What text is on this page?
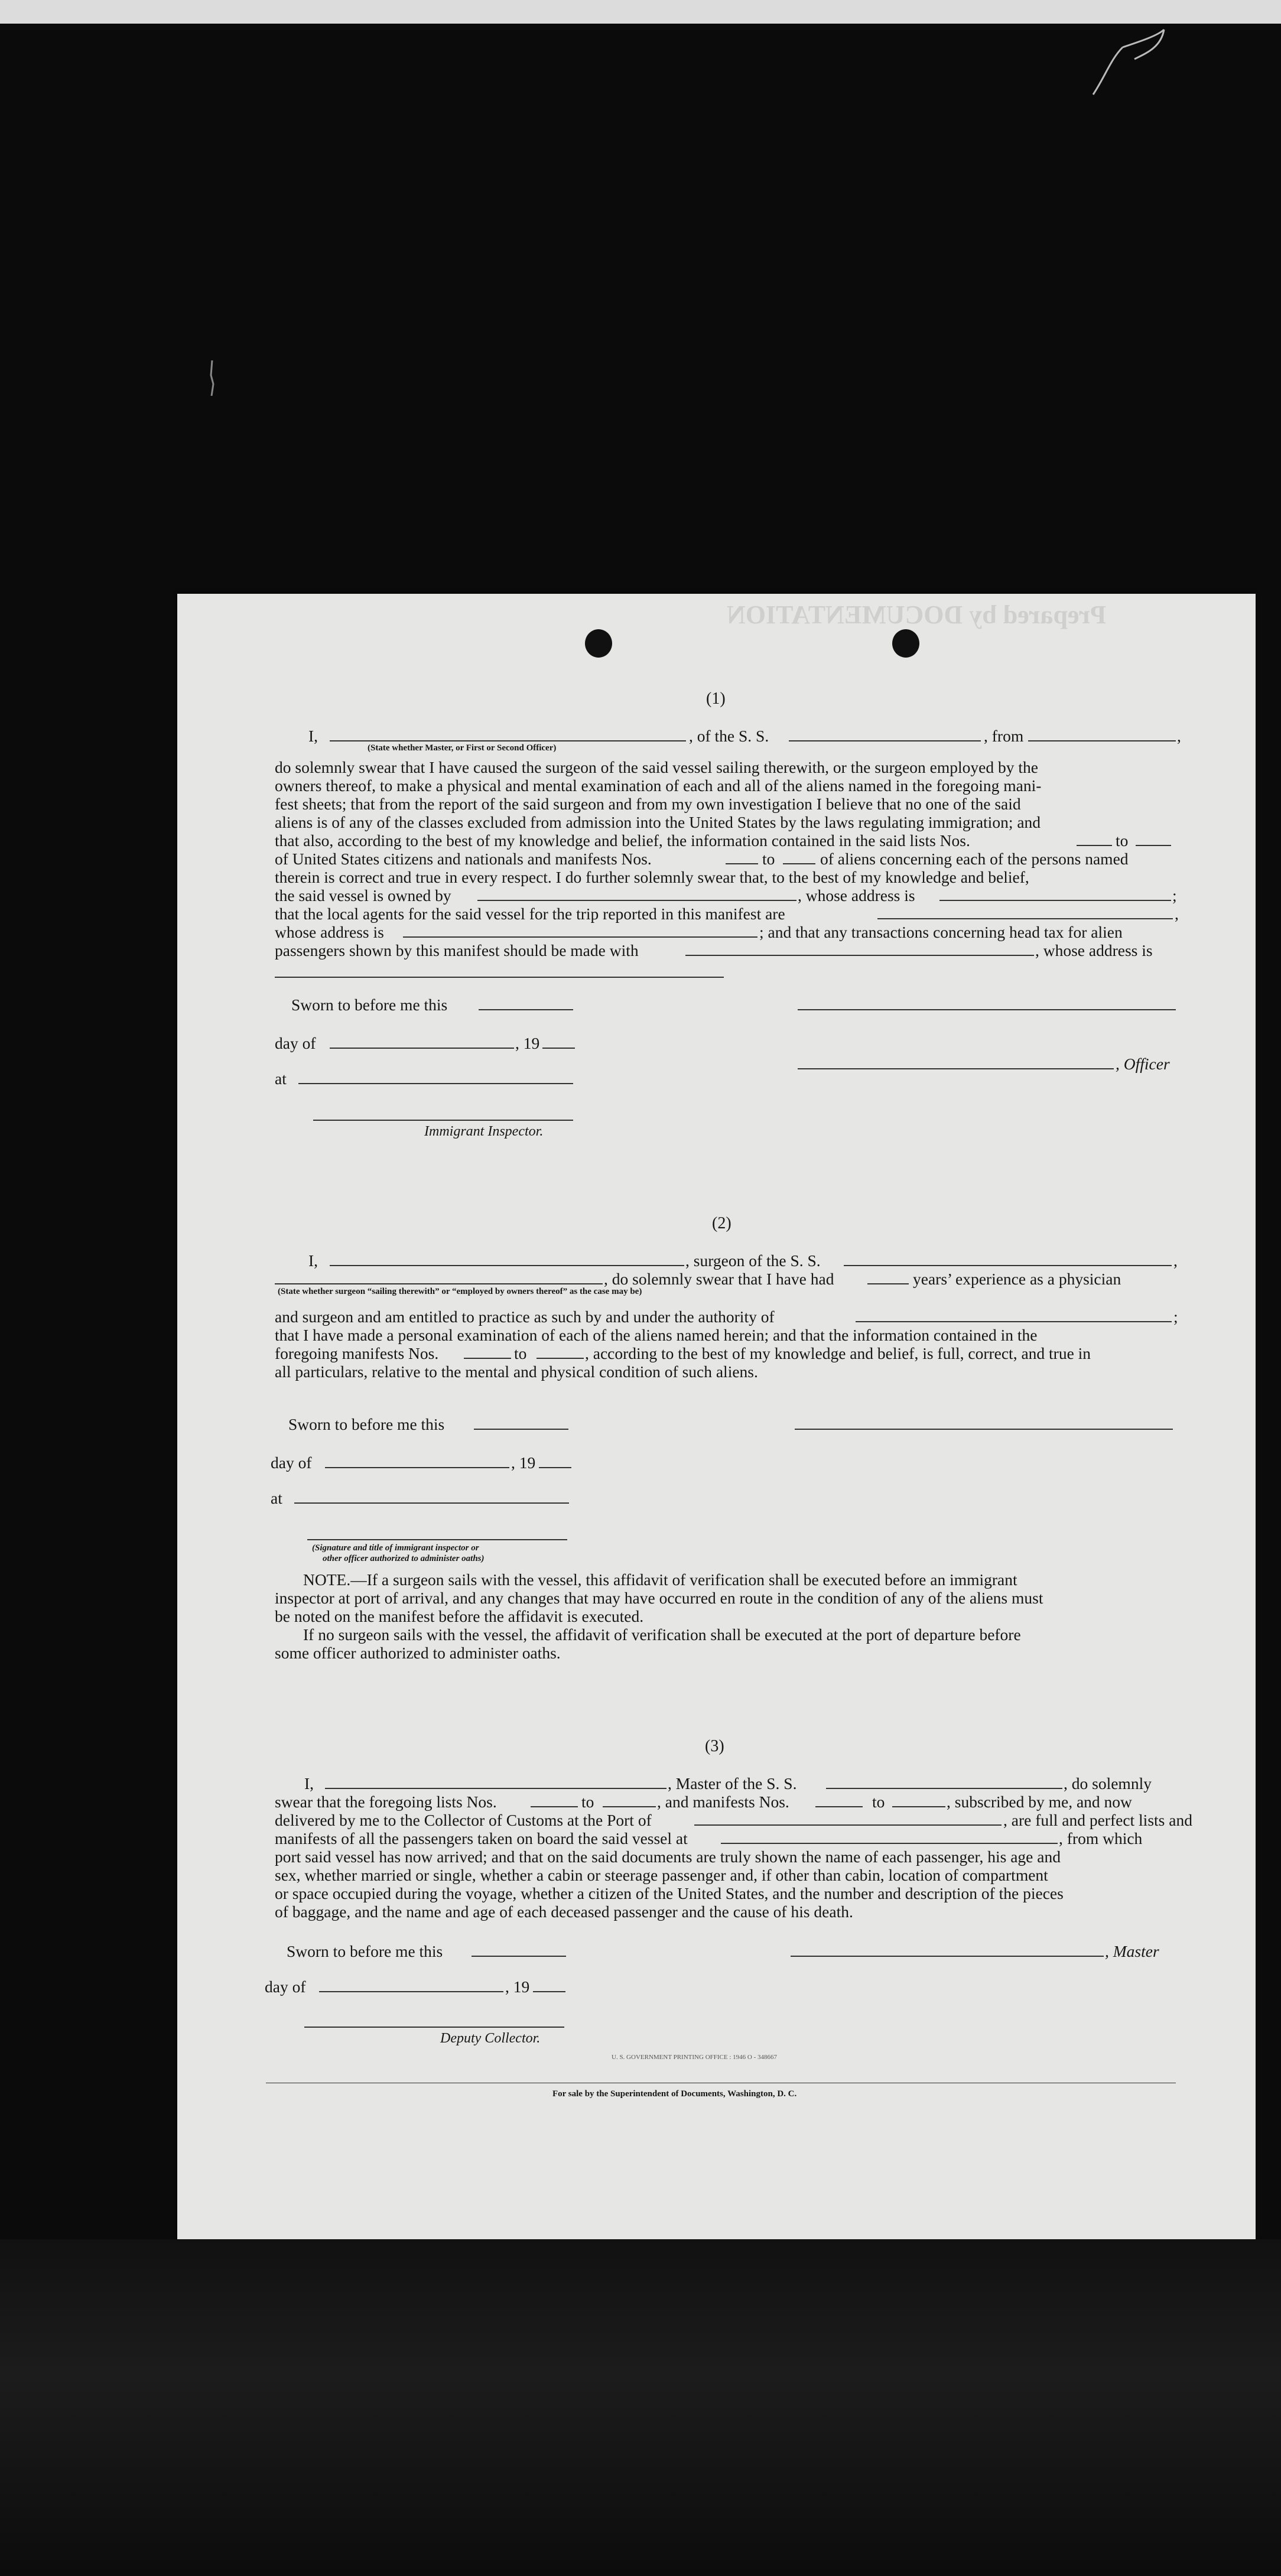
Prepared by DOCUMENTATION
(1)
I,	, of the S. S.	, from	,
(State whether Master, or First or Second Officer)
do solemnly swear that I have caused the surgeon of the said vessel sailing therewith, or the surgeon employed by the
owners thereof, to make a physical and mental examination of each and all of the aliens named in the foregoing mani-
fest sheets; that from the report of the said surgeon and from my own investigation I believe that no one of the said
aliens is of any of the classes excluded from admission into the United States by the laws regulating immigration; and
that also, according to the best of my knowledge and belief, the information contained in the said lists Nos.	to
of United States citizens and nationals and manifests Nos.	to	of aliens concerning each of the persons named
therein is correct and true in every respect. I do further solemnly swear that, to the best of my knowledge and belief,
the said vessel is owned by	, whose address is	;
that the local agents for the said vessel for the trip reported in this manifest are	,
whose address is	; and that any transactions concerning head tax for alien
passengers shown by this manifest should be made with	, whose address is
Sworn to before me this
day of	, 19
, Officer
at
Immigrant Inspector.
(2)
I,	, surgeon of the S. S.	,
, do solemnly swear that I have had	years’ experience as a physician
(State whether surgeon “sailing therewith” or “employed by owners thereof” as the case may be)
and surgeon and am entitled to practice as such by and under the authority of	;
that I have made a personal examination of each of the aliens named herein; and that the information contained in the
foregoing manifests Nos.	to	, according to the best of my knowledge and belief, is full, correct, and true in
all particulars, relative to the mental and physical condition of such aliens.
Sworn to before me this
day of	, 19
at
(Signature and title of immigrant inspector or
other officer authorized to administer oaths)
NOTE.—If a surgeon sails with the vessel, this affidavit of verification shall be executed before an immigrant
inspector at port of arrival, and any changes that may have occurred en route in the condition of any of the aliens must
be noted on the manifest before the affidavit is executed.
If no surgeon sails with the vessel, the affidavit of verification shall be executed at the port of departure before
some officer authorized to administer oaths.
(3)
I,	, Master of the S. S.	, do solemnly
swear that the foregoing lists Nos.	to	, and manifests Nos.	to	, subscribed by me, and now
delivered by me to the Collector of Customs at the Port of	, are full and perfect lists and
manifests of all the passengers taken on board the said vessel at	, from which
port said vessel has now arrived; and that on the said documents are truly shown the name of each passenger, his age and
sex, whether married or single, whether a cabin or steerage passenger and, if other than cabin, location of compartment
or space occupied during the voyage, whether a citizen of the United States, and the number and description of the pieces
of baggage, and the name and age of each deceased passenger and the cause of his death.
Sworn to before me this	, Master
day of	, 19
Deputy Collector.
U. S. GOVERNMENT PRINTING OFFICE : 1946 O - 348667
For sale by the Superintendent of Documents, Washington, D. C.
